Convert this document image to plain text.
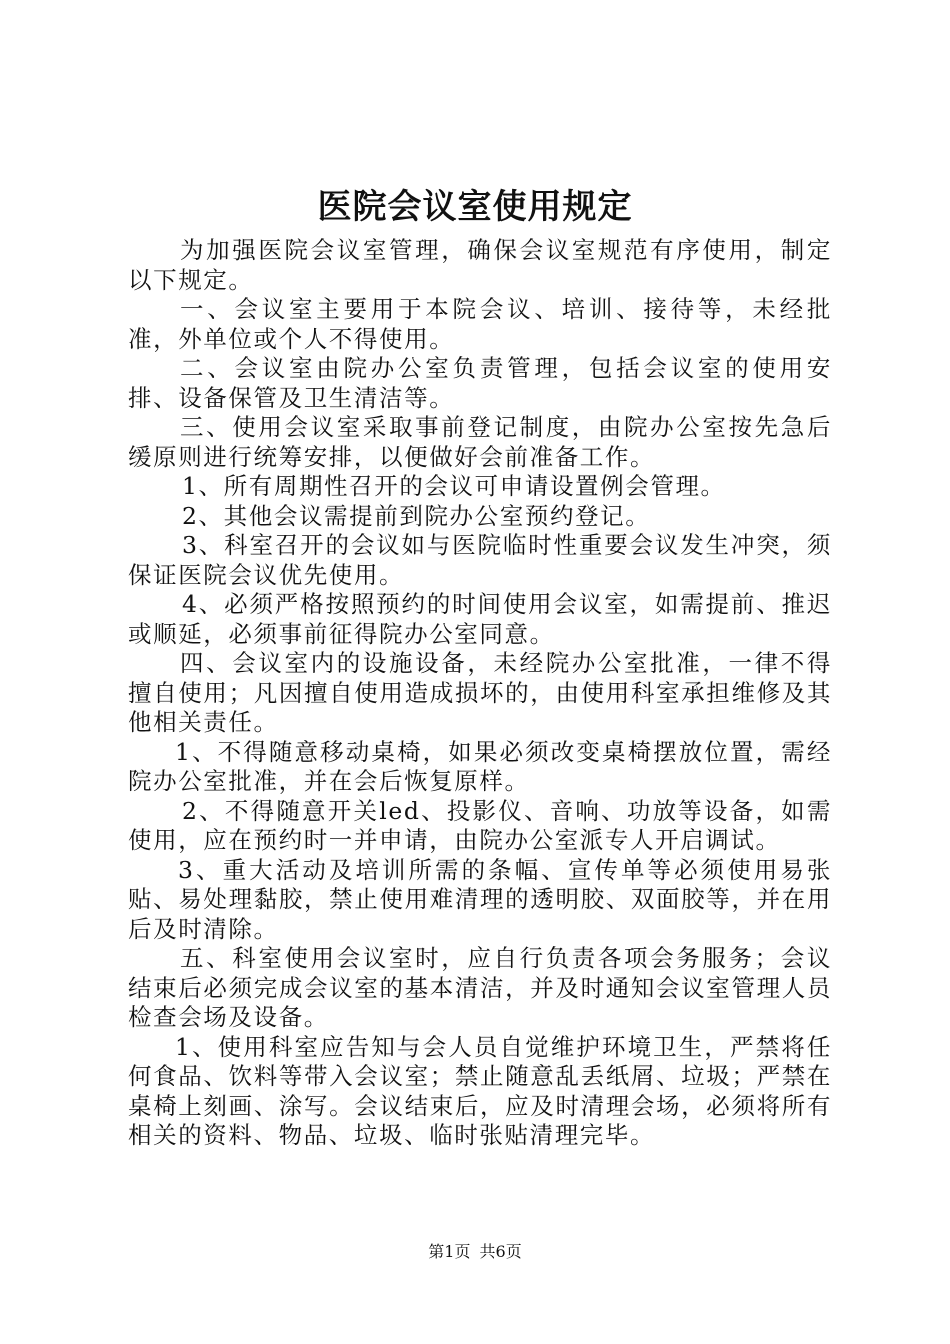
医院会议室使用规定

为加强医院会议室管理，确保会议室规范有序使用，制定以下规定。

一、会议室主要用于本院会议、培训、接待等，未经批准，外单位或个人不得使用。

二、会议室由院办公室负责管理，包括会议室的使用安排、设备保管及卫生清洁等。

三、使用会议室采取事前登记制度，由院办公室按先急后缓原则进行统筹安排，以便做好会前准备工作。

1、所有周期性召开的会议可申请设置例会管理。

2、其他会议需提前到院办公室预约登记。

3、科室召开的会议如与医院临时性重要会议发生冲突，须保证医院会议优先使用。

4、必须严格按照预约的时间使用会议室，如需提前、推迟或顺延，必须事前征得院办公室同意。

四、会议室内的设施设备，未经院办公室批准，一律不得擅自使用；凡因擅自使用造成损坏的，由使用科室承担维修及其他相关责任。

1、不得随意移动桌椅，如果必须改变桌椅摆放位置，需经院办公室批准，并在会后恢复原样。

2、不得随意开关led、投影仪、音响、功放等设备，如需使用，应在预约时一并申请，由院办公室派专人开启调试。

3、重大活动及培训所需的条幅、宣传单等必须使用易张贴、易处理黏胶，禁止使用难清理的透明胶、双面胶等，并在用后及时清除。

五、科室使用会议室时，应自行负责各项会务服务；会议结束后必须完成会议室的基本清洁，并及时通知会议室管理人员检查会场及设备。

1、使用科室应告知与会人员自觉维护环境卫生，严禁将任何食品、饮料等带入会议室；禁止随意乱丢纸屑、垃圾；严禁在桌椅上刻画、涂写。会议结束后，应及时清理会场，必须将所有相关的资料、物品、垃圾、临时张贴清理完毕。

第1页 共6页
